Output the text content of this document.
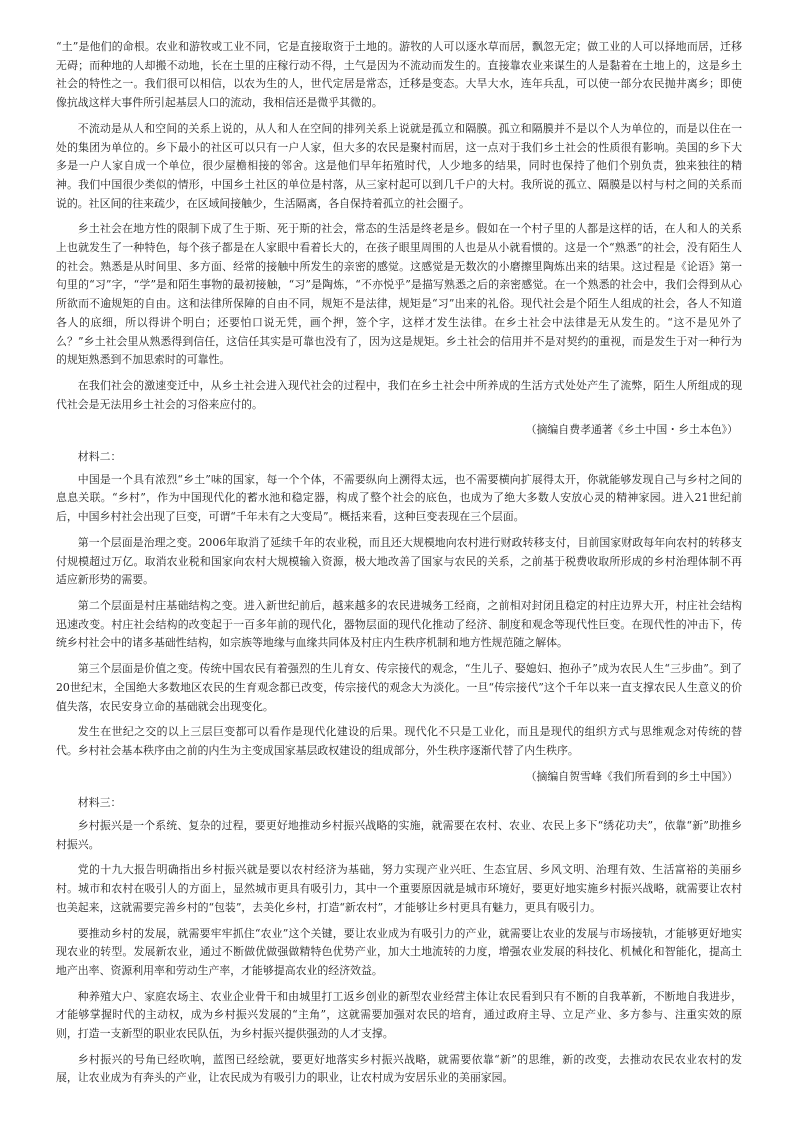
“土”是他们的命根。农业和游牧或工业不同，它是直接取资于土地的。游牧的人可以逐水草而居，飘忽无定；做工业的人可以择地而居，迁移无碍；而种地的人却搬不动地，长在土里的庄稼行动不得，土气是因为不流动而发生的。直接靠农业来谋生的人是黏着在土地上的，这是乡土社会的特性之一。我们很可以相信，以农为生的人，世代定居是常态，迁移是变态。大旱大水，连年兵乱，可以使一部分农民抛井离乡；即使像抗战这样大事件所引起基层人口的流动，我相信还是微乎其微的。

不流动是从人和空间的关系上说的，从人和人在空间的排列关系上说就是孤立和隔膜。孤立和隔膜并不是以个人为单位的，而是以住在一处的集团为单位的。乡下最小的社区可以只有一户人家，但大多的农民是聚村而居，这一点对于我们乡土社会的性质很有影响。美国的乡下大多是一户人家自成一个单位，很少屋檐相接的邻舍。这是他们早年拓殖时代，人少地多的结果，同时也保持了他们个别负责，独来独往的精神。我们中国很少类似的情形，中国乡土社区的单位是村落，从三家村起可以到几千户的大村。我所说的孤立、隔膜是以村与村之间的关系而说的。社区间的往来疏少，在区域间接触少，生活隔离，各自保持着孤立的社会圈子。

乡土社会在地方性的限制下成了生于斯、死于斯的社会，常态的生活是终老是乡。假如在一个村子里的人都是这样的话，在人和人的关系上也就发生了一种特色，每个孩子都是在人家眼中看着长大的，在孩子眼里周围的人也是从小就看惯的。这是一个“熟悉”的社会，没有陌生人的社会。熟悉是从时间里、多方面、经常的接触中所发生的亲密的感觉。这感觉是无数次的小磨擦里陶炼出来的结果。这过程是《论语》第一句里的“习”字，“学”是和陌生事物的最初接触，“习”是陶炼，“不亦悦乎”是描写熟悉之后的亲密感觉。在一个熟悉的社会中，我们会得到从心所欲而不逾规矩的自由。这和法律所保障的自由不同，规矩不是法律，规矩是“习”出来的礼俗。现代社会是个陌生人组成的社会，各人不知道各人的底细，所以得讲个明白；还要怕口说无凭，画个押，签个字，这样才发生法律。在乡土社会中法律是无从发生的。“这不是见外了么？”乡土社会里从熟悉得到信任，这信任其实是可靠也没有了，因为这是规矩。乡土社会的信用并不是对契约的重视，而是发生于对一种行为的规矩熟悉到不加思索时的可靠性。

在我们社会的激速变迁中，从乡土社会进入现代社会的过程中，我们在乡土社会中所养成的生活方式处处产生了流弊，陌生人所组成的现代社会是无法用乡土社会的习俗来应付的。

（摘编自费孝通著《乡土中国・乡土本色》）

材料二：

中国是一个具有浓烈“乡土”味的国家，每一个个体，不需要纵向上溯得太远，也不需要横向扩展得太开，你就能够发现自己与乡村之间的息息关联。“乡村”，作为中国现代化的蓄水池和稳定器，构成了整个社会的底色，也成为了绝大多数人安放心灵的精神家园。进入21世纪前后，中国乡村社会出现了巨变，可谓“千年未有之大变局”。概括来看，这种巨变表现在三个层面。

第一个层面是治理之变。2006年取消了延续千年的农业税，而且还大规模地向农村进行财政转移支付，目前国家财政每年向农村的转移支付规模超过万亿。取消农业税和国家向农村大规模输入资源，极大地改善了国家与农民的关系，之前基于税费收取所形成的乡村治理体制不再适应新形势的需要。

第二个层面是村庄基础结构之变。进入新世纪前后，越来越多的农民进城务工经商，之前相对封闭且稳定的村庄边界大开，村庄社会结构迅速改变。村庄社会结构的改变起于一百多年前的现代化，器物层面的现代化推动了经济、制度和观念等现代性巨变。在现代性的冲击下，传统乡村社会中的诸多基础性结构，如宗族等地缘与血缘共同体及村庄内生秩序机制和地方性规范随之解体。

第三个层面是价值之变。传统中国农民有着强烈的生儿育女、传宗接代的观念，“生儿子、娶媳妇、抱孙子”成为农民人生“三步曲”。到了20世纪末，全国绝大多数地区农民的生育观念都已改变，传宗接代的观念大为淡化。一旦“传宗接代”这个千年以来一直支撑农民人生意义的价值失落，农民安身立命的基础就会出现变化。

发生在世纪之交的以上三层巨变都可以看作是现代化建设的后果。现代化不只是工业化，而且是现代的组织方式与思维观念对传统的替代。乡村社会基本秩序由之前的内生为主变成国家基层政权建设的组成部分，外生秩序逐渐代替了内生秩序。

（摘编自贺雪峰《我们所看到的乡土中国》）

材料三：

乡村振兴是一个系统、复杂的过程，要更好地推动乡村振兴战略的实施，就需要在农村、农业、农民上多下“绣花功夫”，依靠“新”助推乡村振兴。

党的十九大报告明确指出乡村振兴就是要以农村经济为基础，努力实现产业兴旺、生态宜居、乡风文明、治理有效、生活富裕的美丽乡村。城市和农村在吸引人的方面上，显然城市更具有吸引力，其中一个重要原因就是城市环境好，要更好地实施乡村振兴战略，就需要让农村也美起来，这就需要完善乡村的“包装”，去美化乡村，打造“新农村”，才能够让乡村更具有魅力，更具有吸引力。

要推动乡村的发展，就需要牢牢抓住“农业”这个关键，要让农业成为有吸引力的产业，就需要让农业的发展与市场接轨，才能够更好地实现农业的转型。发展新农业，通过不断做优做强做精特色优势产业，加大土地流转的力度，增强农业发展的科技化、机械化和智能化，提高土地产出率、资源利用率和劳动生产率，才能够提高农业的经济效益。

种养殖大户、家庭农场主、农业企业骨干和由城里打工返乡创业的新型农业经营主体让农民看到只有不断的自我革新，不断地自我进步，才能够掌握时代的主动权，成为乡村振兴发展的“主角”，这就需要加强对农民的培育，通过政府主导、立足产业、多方参与、注重实效的原则，打造一支新型的职业农民队伍，为乡村振兴提供强劲的人才支撑。

乡村振兴的号角已经吹响，蓝图已经绘就，要更好地落实乡村振兴战略，就需要依靠“新”的思维，新的改变，去推动农民农业农村的发展，让农业成为有奔头的产业，让农民成为有吸引力的职业，让农村成为安居乐业的美丽家园。
